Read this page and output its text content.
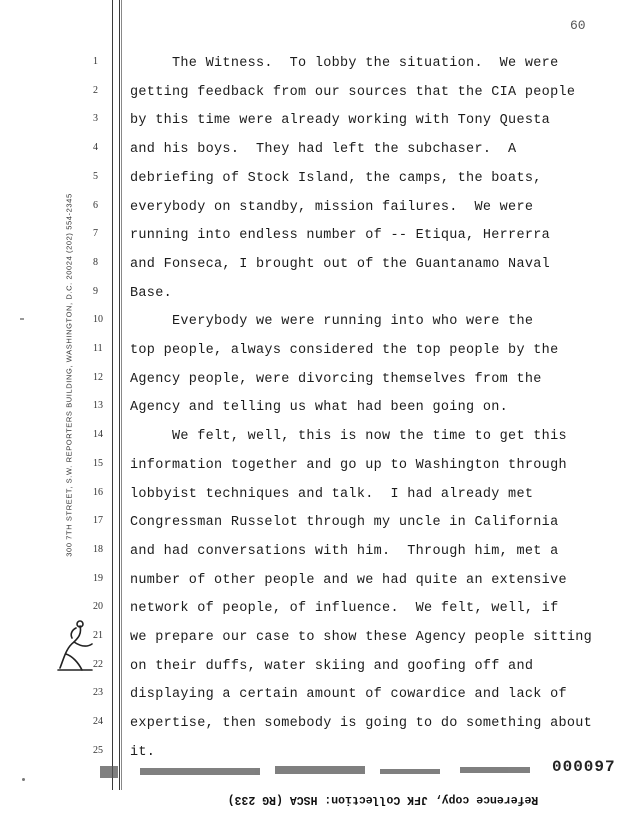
60
300 7TH STREET, S.W. REPORTERS BUILDING, WASHINGTON, D.C. 20024 (202) 554-2345
1
2
3
4
5
6
7
8
9
10
11
12
13
14
15
16
17
18
19
20
21
22
23
24
25
The Witness.  To lobby the situation.  We were
getting feedback from our sources that the CIA people
by this time were already working with Tony Questa
and his boys.  They had left the subchaser.  A
debriefing of Stock Island, the camps, the boats,
everybody on standby, mission failures.  We were
running into endless number of -- Etiqua, Herrerra
and Fonseca, I brought out of the Guantanamo Naval
Base.
Everybody we were running into who were the
top people, always considered the top people by the
Agency people, were divorcing themselves from the
Agency and telling us what had been going on.
We felt, well, this is now the time to get this
information together and go up to Washington through
lobbyist techniques and talk.  I had already met
Congressman Russelot through my uncle in California
and had conversations with him.  Through him, met a
number of other people and we had quite an extensive
network of people, of influence.  We felt, well, if
we prepare our case to show these Agency people sitting
on their duffs, water skiing and goofing off and
displaying a certain amount of cowardice and lack of
expertise, then somebody is going to do something about
it.
000097
Reference copy, JFK Collection: HSCA (RG 233)
